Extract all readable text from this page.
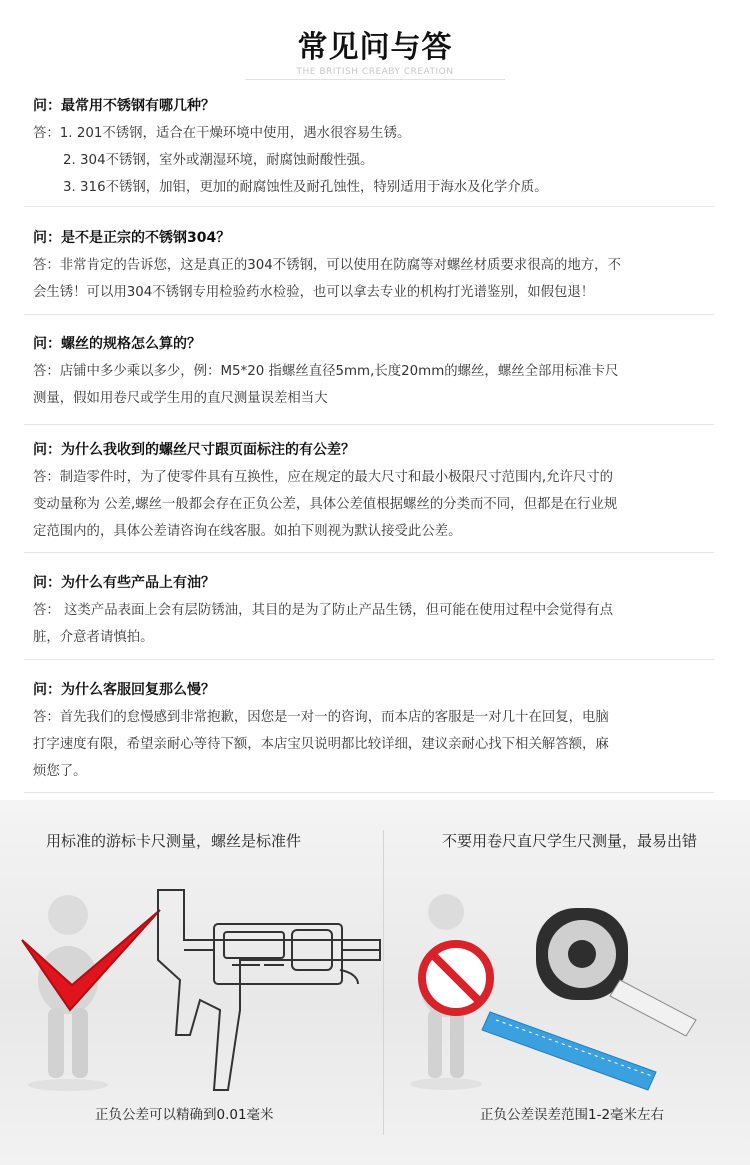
常见问与答
THE BRITISH CREABY CREATION
问：最常用不锈钢有哪几种？
答：1. 201不锈钢，适合在干燥环境中使用，遇水很容易生锈。
2. 304不锈钢，室外或潮湿环境，耐腐蚀耐酸性强。
3. 316不锈钢，加钼，更加的耐腐蚀性及耐孔蚀性，特别适用于海水及化学介质。
问：是不是正宗的不锈钢304？
答：非常肯定的告诉您，这是真正的304不锈钢，可以使用在防腐等对螺丝材质要求很高的地方，不
会生锈！可以用304不锈钢专用检验药水检验，也可以拿去专业的机构打光谱鉴别，如假包退！
问：螺丝的规格怎么算的？
答：店铺中多少乘以多少，例：M5*20 指螺丝直径5mm,长度20mm的螺丝，螺丝全部用标准卡尺
测量，假如用卷尺或学生用的直尺测量误差相当大
问：为什么我收到的螺丝尺寸跟页面标注的有公差？
答：制造零件时，为了使零件具有互换性，应在规定的最大尺寸和最小极限尺寸范围内,允许尺寸的
变动量称为 公差,螺丝一般都会存在正负公差，具体公差值根据螺丝的分类而不同，但都是在行业规
定范围内的，具体公差请咨询在线客服。如拍下则视为默认接受此公差。
问：为什么有些产品上有油？
答： 这类产品表面上会有层防锈油，其目的是为了防止产品生锈，但可能在使用过程中会觉得有点
脏，介意者请慎拍。
问：为什么客服回复那么慢？
答：首先我们的怠慢感到非常抱歉，因您是一对一的咨询，而本店的客服是一对几十在回复，电脑
打字速度有限，希望亲耐心等待下额，本店宝贝说明都比较详细，建议亲耐心找下相关解答额，麻
烦您了。
用标准的游标卡尺测量，螺丝是标准件
正负公差可以精确到0.01毫米
不要用卷尺直尺学生尺测量，最易出错
正负公差误差范围1-2毫米左右
